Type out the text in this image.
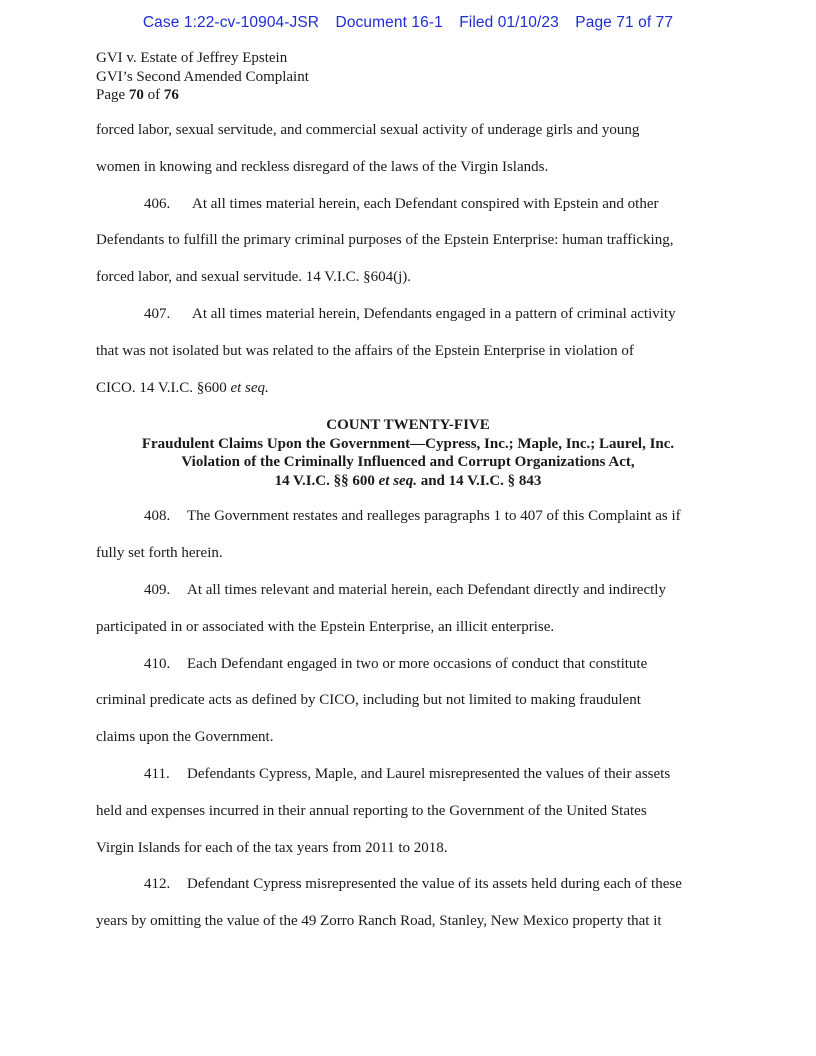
Case 1:22-cv-10904-JSR Document 16-1 Filed 01/10/23 Page 71 of 77
GVI v. Estate of Jeffrey Epstein
GVI’s Second Amended Complaint
Page 70 of 76
forced labor, sexual servitude, and commercial sexual activity of underage girls and young
women in knowing and reckless disregard of the laws of the Virgin Islands.
406. At all times material herein, each Defendant conspired with Epstein and other
Defendants to fulfill the primary criminal purposes of the Epstein Enterprise: human trafficking,
forced labor, and sexual servitude. 14 V.I.C. §604(j).
407. At all times material herein, Defendants engaged in a pattern of criminal activity
that was not isolated but was related to the affairs of the Epstein Enterprise in violation of
CICO. 14 V.I.C. §600 et seq.
COUNT TWENTY-FIVE
Fraudulent Claims Upon the Government—Cypress, Inc.; Maple, Inc.; Laurel, Inc.
Violation of the Criminally Influenced and Corrupt Organizations Act,
14 V.I.C. §§ 600 et seq. and 14 V.I.C. § 843
408. The Government restates and realleges paragraphs 1 to 407 of this Complaint as if
fully set forth herein.
409. At all times relevant and material herein, each Defendant directly and indirectly
participated in or associated with the Epstein Enterprise, an illicit enterprise.
410. Each Defendant engaged in two or more occasions of conduct that constitute
criminal predicate acts as defined by CICO, including but not limited to making fraudulent
claims upon the Government.
411. Defendants Cypress, Maple, and Laurel misrepresented the values of their assets
held and expenses incurred in their annual reporting to the Government of the United States
Virgin Islands for each of the tax years from 2011 to 2018.
412. Defendant Cypress misrepresented the value of its assets held during each of these
years by omitting the value of the 49 Zorro Ranch Road, Stanley, New Mexico property that it
